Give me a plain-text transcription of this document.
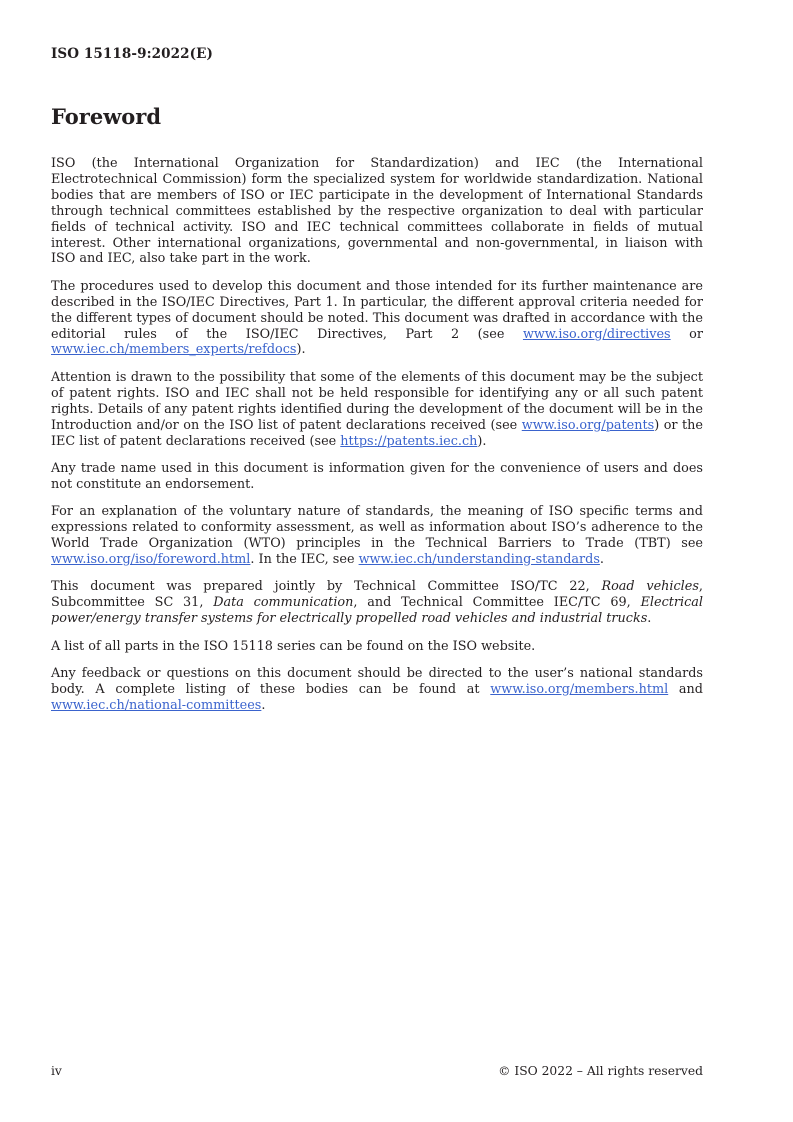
ISO 15118-9:2022(E)
Foreword

ISO (the International Organization for Standardization) and IEC (the International Electrotechnical Commission) form the specialized system for worldwide standardization. National bodies that are members of ISO or IEC participate in the development of International Standards through technical committees established by the respective organization to deal with particular fields of technical activity. ISO and IEC technical committees collaborate in fields of mutual interest. Other international organizations, governmental and non-governmental, in liaison with ISO and IEC, also take part in the work.

The procedures used to develop this document and those intended for its further maintenance are described in the ISO/IEC Directives, Part 1. In particular, the different approval criteria needed for the different types of document should be noted. This document was drafted in accordance with the editorial rules of the ISO/IEC Directives, Part 2 (see www.iso.org/directives or www.iec.ch/members_experts/refdocs).

Attention is drawn to the possibility that some of the elements of this document may be the subject of patent rights. ISO and IEC shall not be held responsible for identifying any or all such patent rights. Details of any patent rights identified during the development of the document will be in the Introduction and/or on the ISO list of patent declarations received (see www.iso.org/patents) or the IEC list of patent declarations received (see https://patents.iec.ch).

Any trade name used in this document is information given for the convenience of users and does not constitute an endorsement.

For an explanation of the voluntary nature of standards, the meaning of ISO specific terms and expressions related to conformity assessment, as well as information about ISO’s adherence to the World Trade Organization (WTO) principles in the Technical Barriers to Trade (TBT) see www.iso.org/iso/foreword.html. In the IEC, see www.iec.ch/understanding-standards.

This document was prepared jointly by Technical Committee ISO/TC 22, Road vehicles, Subcommittee SC 31, Data communication, and Technical Committee IEC/TC 69, Electrical power/energy transfer systems for electrically propelled road vehicles and industrial trucks.

A list of all parts in the ISO 15118 series can be found on the ISO website.

Any feedback or questions on this document should be directed to the user’s national standards body. A complete listing of these bodies can be found at www.iso.org/members.html and www.iec.ch/national-committees.

iv	© ISO 2022 – All rights reserved
